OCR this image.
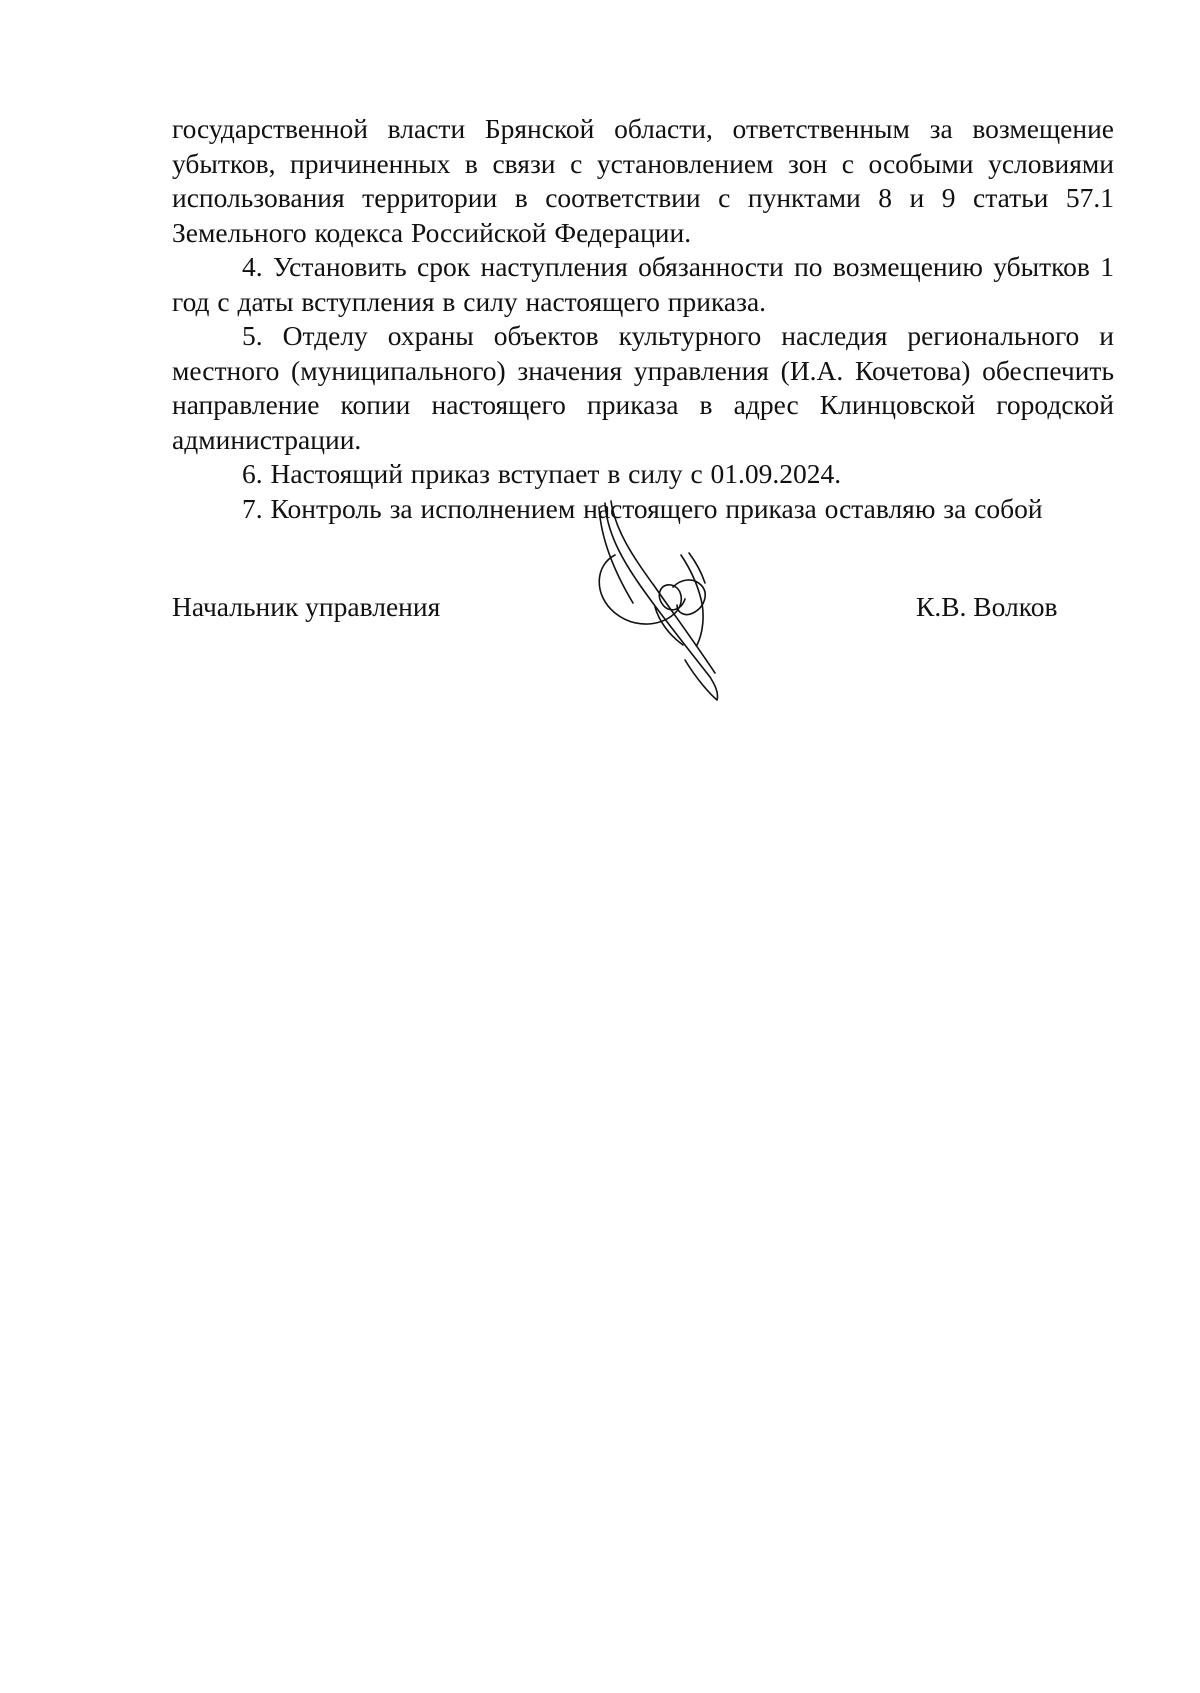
государственной власти Брянской области, ответственным за возмещение убытков, причиненных в связи с установлением зон с особыми условиями использования территории в соответствии с пунктами 8 и 9 статьи 57.1 Земельного кодекса Российской Федерации.

4. Установить срок наступления обязанности по возмещению убытков 1 год с даты вступления в силу настоящего приказа.

5. Отделу охраны объектов культурного наследия регионального и местного (муниципального) значения управления (И.А. Кочетова) обеспечить направление копии настоящего приказа в адрес Клинцовской городской администрации.

6. Настоящий приказ вступает в силу с 01.09.2024.

7. Контроль за исполнением настоящего приказа оставляю за собой

Начальник управления	К.В. Волков
